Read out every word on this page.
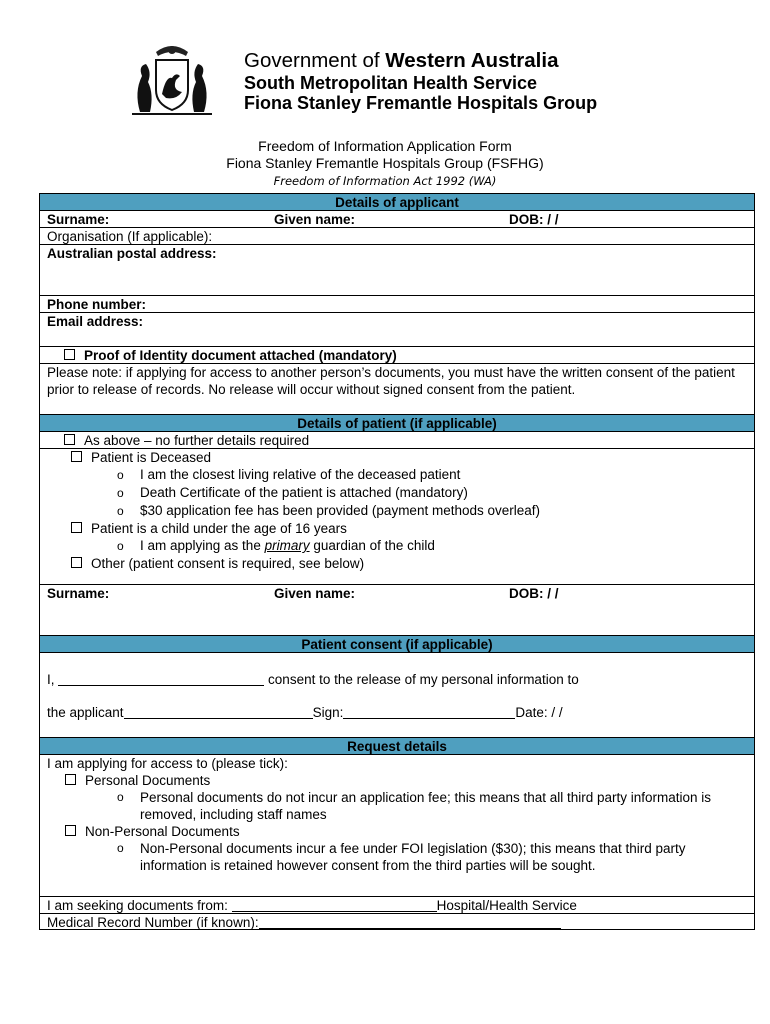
Government of Western Australia
South Metropolitan Health Service
Fiona Stanley Fremantle Hospitals Group
Freedom of Information Application Form
Fiona Stanley Fremantle Hospitals Group (FSFHG)
Freedom of Information Act 1992 (WA)
Details of applicant
Surname:	Given name:	DOB: / /
Organisation (If applicable):
Australian postal address:
Phone number:
Email address:
Proof of Identity document attached (mandatory)
Please note: if applying for access to another person’s documents, you must have the written consent of the patient prior to release of records. No release will occur without signed consent from the patient.
Details of patient (if applicable)
As above – no further details required
Patient is Deceased
o I am the closest living relative of the deceased patient
o Death Certificate of the patient is attached (mandatory)
o $30 application fee has been provided (payment methods overleaf)
Patient is a child under the age of 16 years
o I am applying as the primary guardian of the child
Other (patient consent is required, see below)
Surname:	Given name:	DOB: / /
Patient consent (if applicable)
I,	consent to the release of my personal information to
the applicant	Sign:	Date: / /
Request details
I am applying for access to (please tick):
Personal Documents
o	Personal documents do not incur an application fee; this means that all third party information is removed, including staff names
Non-Personal Documents
o	Non-Personal documents incur a fee under FOI legislation ($30); this means that third party information is retained however consent from the third parties will be sought.
I am seeking documents from:	Hospital/Health Service
Medical Record Number (if known):
